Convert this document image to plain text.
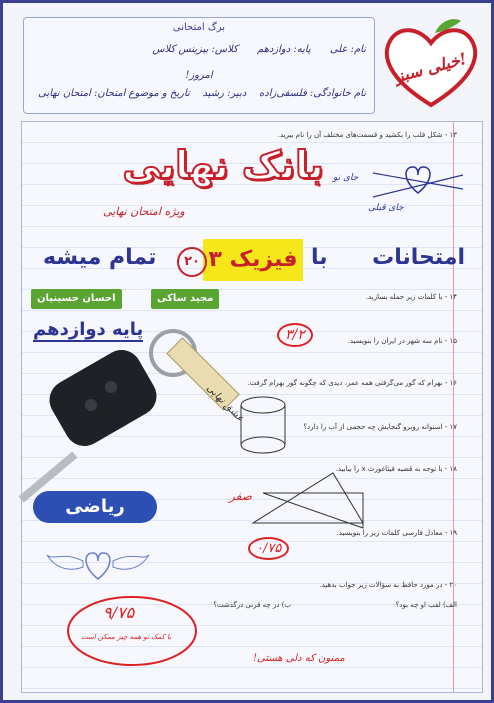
برگ امتحانی
نام: علی      پایه: دوازدهم      کلاس: بیزینس کلاس
امروز!
نام خانوادگی: فلسفی‌زاده    دبیر: رشید    تاریخ و موضوع امتحان: امتحان نهایی
خیلی سبز!
۱۳ - شکل قلب را بکشید و قسمت‌های مختلف آن را نام ببرید.
۱۴ - با کلمات زیر جمله بسازید.
۱۵ - نام سه شهر در ایران را بنویسید.
۱۶ - بهرام که گور می‌گرفتی همه عمر، دیدی که چگونه گور بهرام گرفت.
۱۷ - استوانه روبرو گنجایش چه حجمی از آب را دارد؟
۱۸ - با توجه به قضیه فیثاغورث x را بیابید.
۱۹ - معادل فارسی کلمات زیر را بنویسید.
۲۰ - در مورد حافظ به سؤالات زیر جواب بدهید.
الف) لقب او چه بود؟
ب) در چه قرنی درگذشت؟
جای قبلی
جای نو
بانک نهایی
ویژه امتحان نهایی
امتحانات
فیزیک ۳ با
۲۰
تمام میشه
مجید ساکی
احسان حسینیان
پایه دوازدهم
عشق نهایی
۳/۲
۰/۷۵
صفر
ریاضی
۹/۷۵
با کمک تو همه چیز ممکن است
ممنون که دلی هستی!
